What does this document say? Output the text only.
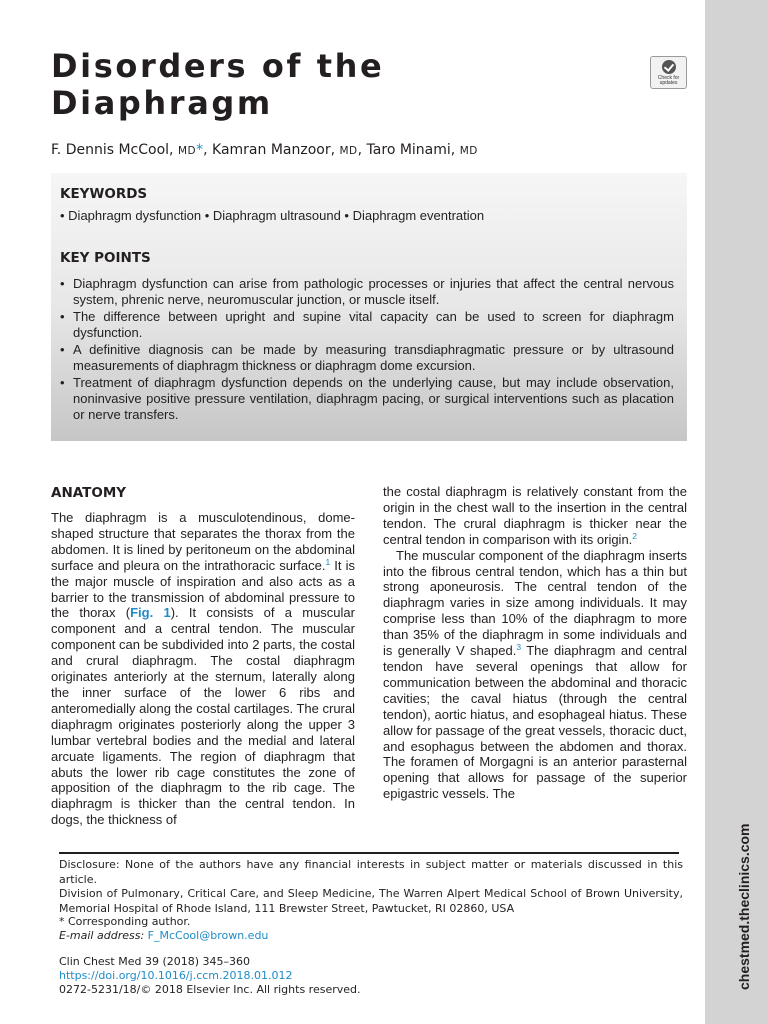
chestmed.theclinics.com
Disorders of the
Diaphragm
Check for
updates
F. Dennis McCool, MD*, Kamran Manzoor, MD, Taro Minami, MD
KEYWORDS
• Diaphragm dysfunction • Diaphragm ultrasound • Diaphragm eventration
KEY POINTS
• Diaphragm dysfunction can arise from pathologic processes or injuries that affect the central nervous system, phrenic nerve, neuromuscular junction, or muscle itself.
• The difference between upright and supine vital capacity can be used to screen for diaphragm dysfunction.
• A definitive diagnosis can be made by measuring transdiaphragmatic pressure or by ultrasound measurements of diaphragm thickness or diaphragm dome excursion.
• Treatment of diaphragm dysfunction depends on the underlying cause, but may include observation, noninvasive positive pressure ventilation, diaphragm pacing, or surgical interventions such as placation or nerve transfers.
ANATOMY

The diaphragm is a musculotendinous, dome-shaped structure that separates the thorax from the abdomen. It is lined by peritoneum on the abdominal surface and pleura on the intrathoracic surface.$^1$ It is the major muscle of inspiration and also acts as a barrier to the transmission of abdominal pressure to the thorax (Fig. 1). It consists of a muscular component and a central tendon. The muscular component can be subdivided into 2 parts, the costal and crural diaphragm. The costal diaphragm originates anteriorly at the sternum, laterally along the inner surface of the lower 6 ribs and anteromedially along the costal cartilages. The crural diaphragm originates posteriorly along the upper 3 lumbar vertebral bodies and the medial and lateral arcuate ligaments. The region of diaphragm that abuts the lower rib cage constitutes the zone of apposition of the diaphragm to the rib cage. The diaphragm is thicker than the central tendon. In dogs, the thickness of

the costal diaphragm is relatively constant from the origin in the chest wall to the insertion in the central tendon. The crural diaphragm is thicker near the central tendon in comparison with its origin.$^2$

The muscular component of the diaphragm inserts into the fibrous central tendon, which has a thin but strong aponeurosis. The central tendon of the diaphragm varies in size among individuals. It may comprise less than 10% of the diaphragm to more than 35% of the diaphragm in some individuals and is generally V shaped.$^3$ The diaphragm and central tendon have several openings that allow for communication between the abdominal and thoracic cavities; the caval hiatus (through the central tendon), aortic hiatus, and esophageal hiatus. These allow for passage of the great vessels, thoracic duct, and esophagus between the abdomen and thorax. The foramen of Morgagni is an anterior parasternal opening that allows for passage of the superior epigastric vessels. The

Disclosure: None of the authors have any financial interests in subject matter or materials discussed in this article.
Division of Pulmonary, Critical Care, and Sleep Medicine, The Warren Alpert Medical School of Brown University, Memorial Hospital of Rhode Island, 111 Brewster Street, Pawtucket, RI 02860, USA
* Corresponding author.
E-mail address: F_McCool@brown.edu
Clin Chest Med 39 (2018) 345–360
https://doi.org/10.1016/j.ccm.2018.01.012
0272-5231/18/© 2018 Elsevier Inc. All rights reserved.
